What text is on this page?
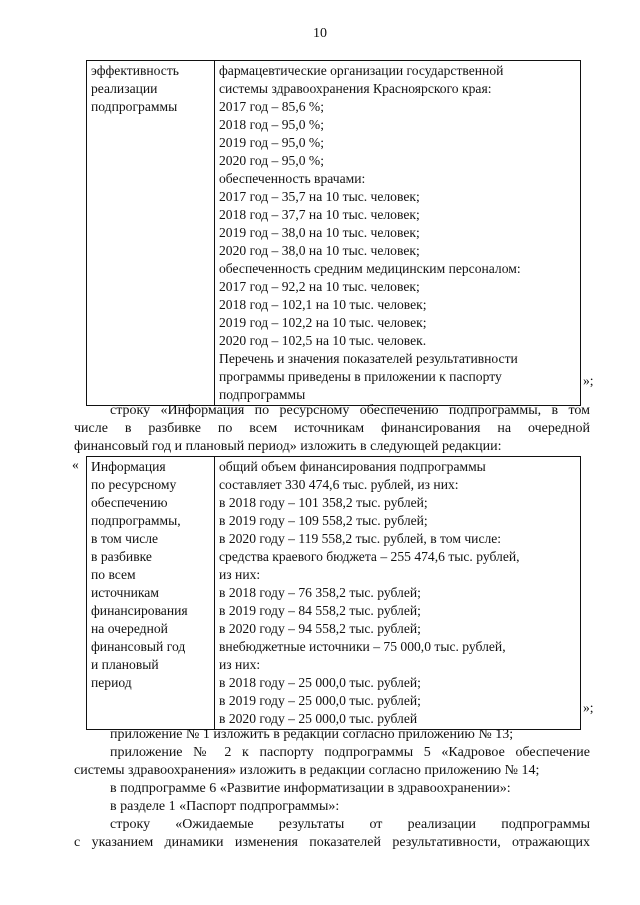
10
эффективность
реализации
подпрограммы

фармацевтические организации государственной
системы здравоохранения Красноярского края:
2017 год – 85,6 %;
2018 год – 95,0 %;
2019 год – 95,0 %;
2020 год – 95,0 %;
обеспеченность врачами:
2017 год – 35,7 на 10 тыс. человек;
2018 год – 37,7 на 10 тыс. человек;
2019 год – 38,0 на 10 тыс. человек;
2020 год – 38,0 на 10 тыс. человек;
обеспеченность средним медицинским персоналом:
2017 год – 92,2 на 10 тыс. человек;
2018 год – 102,1 на 10 тыс. человек;
2019 год – 102,2 на 10 тыс. человек;
2020 год – 102,5 на 10 тыс. человек.
Перечень и значения показателей результативности
программы приведены в приложении к паспорту
подпрограммы
»;
строку «Информация по ресурсному обеспечению подпрограммы, в том
числе в разбивке по всем источникам финансирования на очередной
финансовый год и плановый период» изложить в следующей редакции:
« Информация
по ресурсному
обеспечению
подпрограммы,
в том числе
в разбивке
по всем
источникам
финансирования
на очередной
финансовый год
и плановый
период

общий объем финансирования подпрограммы
составляет 330 474,6 тыс. рублей, из них:
в 2018 году – 101 358,2 тыс. рублей;
в 2019 году – 109 558,2 тыс. рублей;
в 2020 году – 119 558,2 тыс. рублей, в том числе:
средства краевого бюджета – 255 474,6 тыс. рублей,
из них:
в 2018 году – 76 358,2 тыс. рублей;
в 2019 году – 84 558,2 тыс. рублей;
в 2020 году – 94 558,2 тыс. рублей;
внебюджетные источники – 75 000,0 тыс. рублей,
из них:
в 2018 году – 25 000,0 тыс. рублей;
в 2019 году – 25 000,0 тыс. рублей;
в 2020 году – 25 000,0 тыс. рублей
»;
приложение № 1 изложить в редакции согласно приложению № 13;
приложение № 2 к паспорту подпрограммы 5 «Кадровое обеспечение
системы здравоохранения» изложить в редакции согласно приложению № 14;
в подпрограмме 6 «Развитие информатизации в здравоохранении»:
в разделе 1 «Паспорт подпрограммы»:
строку «Ожидаемые результаты от реализации подпрограммы
с указанием динамики изменения показателей результативности, отражающих
